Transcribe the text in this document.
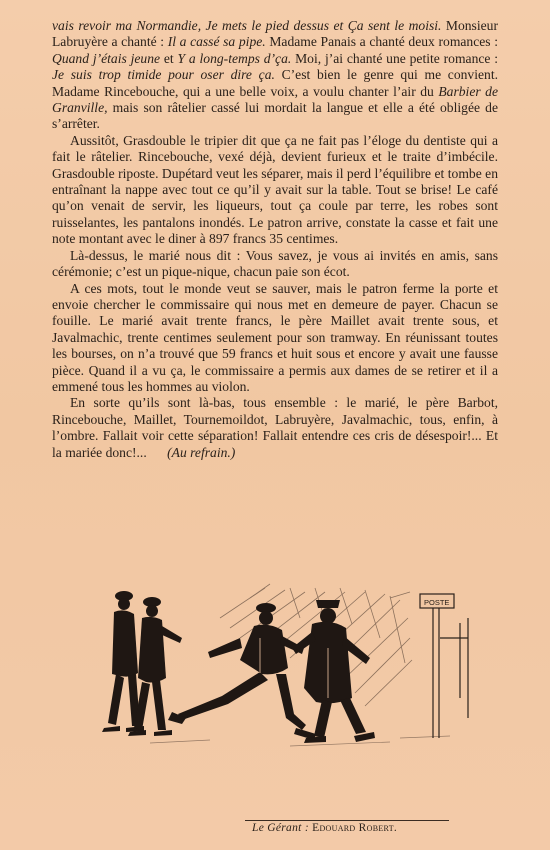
vais revoir ma Normandie, Je mets le pied dessus et Ça sent le moisi. Monsieur Labruyère a chanté : Il a cassé sa pipe. Madame Panais a chanté deux romances : Quand j’étais jeune et Y a long-temps d’ça. Moi, j’ai chanté une petite romance : Je suis trop timide pour oser dire ça. C’est bien le genre qui me convient. Madame Rincebouche, qui a une belle voix, a voulu chanter l’air du Barbier de Granville, mais son râtelier cassé lui mordait la langue et elle a été obligée de s’arrêter.

Aussitôt, Grasdouble le tripier dit que ça ne fait pas l’éloge du dentiste qui a fait le râtelier. Rincebouche, vexé déjà, devient furieux et le traite d’imbécile. Grasdouble riposte. Dupétard veut les séparer, mais il perd l’équilibre et tombe en entraînant la nappe avec tout ce qu’il y avait sur la table. Tout se brise! Le café qu’on venait de servir, les liqueurs, tout ça coule par terre, les robes sont ruisselantes, les pantalons inondés. Le patron arrive, constate la casse et fait une note montant avec le diner à 897 francs 35 centimes.

Là-dessus, le marié nous dit : Vous savez, je vous ai invités en amis, sans cérémonie; c’est un pique-nique, chacun paie son écot.

A ces mots, tout le monde veut se sauver, mais le patron ferme la porte et envoie chercher le commissaire qui nous met en demeure de payer. Chacun se fouille. Le marié avait trente francs, le père Maillet avait trente sous, et Javalmachic, trente centimes seulement pour son tramway. En réunissant toutes les bourses, on n’a trouvé que 59 francs et huit sous et encore y avait une fausse pièce. Quand il a vu ça, le commissaire a permis aux dames de se retirer et il a emmené tous les hommes au violon.

En sorte qu’ils sont là-bas, tous ensemble : le marié, le père Barbot, Rincebouche, Maillet, Tournemoildot, Labruyère, Javalmachic, tous, enfin, à l’ombre. Fallait voir cette séparation! Fallait entendre ces cris de désespoir!... Et la mariée donc!... (Au refrain.)

POSTE
Le Gérant : Edouard Robert.
